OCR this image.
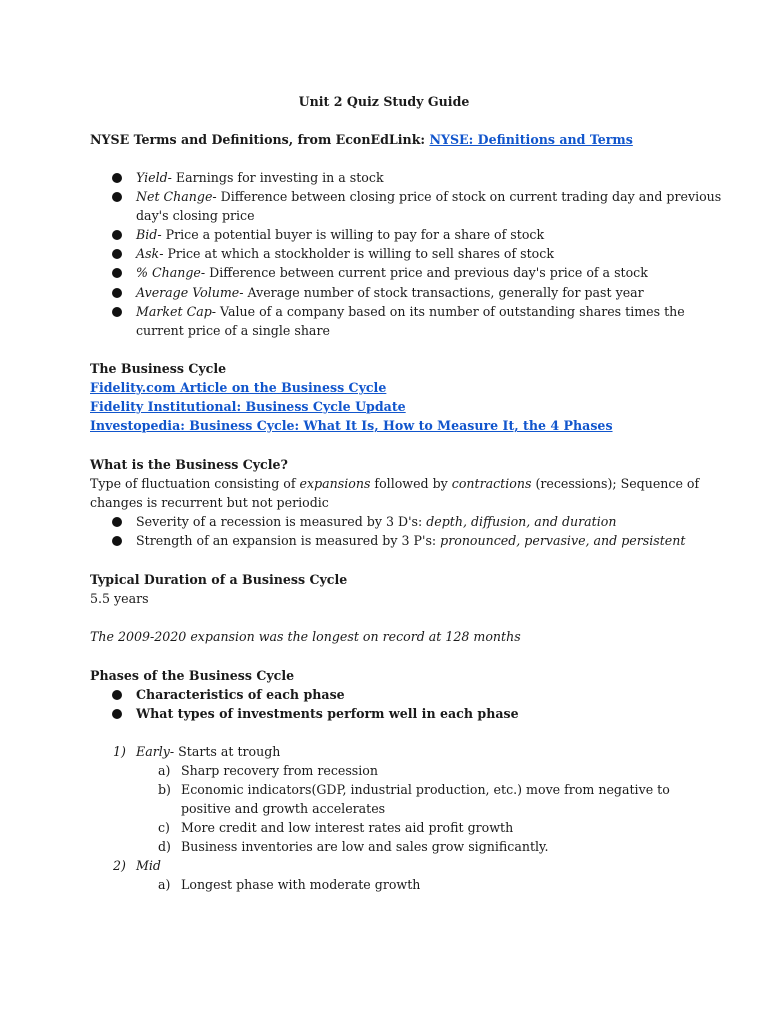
Unit 2 Quiz Study Guide
NYSE Terms and Definitions, from EconEdLink: NYSE: Definitions and Terms
Yield- Earnings for investing in a stock
Net Change- Difference between closing price of stock on current trading day and previous
day's closing price
Bid- Price a potential buyer is willing to pay for a share of stock
Ask- Price at which a stockholder is willing to sell shares of stock
% Change- Difference between current price and previous day's price of a stock
Average Volume- Average number of stock transactions, generally for past year
Market Cap- Value of a company based on its number of outstanding shares times the
current price of a single share
The Business Cycle
Fidelity.com Article on the Business Cycle
Fidelity Institutional: Business Cycle Update
Investopedia: Business Cycle: What It Is, How to Measure It, the 4 Phases
What is the Business Cycle?
Type of fluctuation consisting of expansions followed by contractions (recessions); Sequence of
changes is recurrent but not periodic
Severity of a recession is measured by 3 D's: depth, diffusion, and duration
Strength of an expansion is measured by 3 P's: pronounced, pervasive, and persistent
Typical Duration of a Business Cycle
5.5 years
The 2009-2020 expansion was the longest on record at 128 months
Phases of the Business Cycle
Characteristics of each phase
What types of investments perform well in each phase
1) Early- Starts at trough
a) Sharp recovery from recession
b) Economic indicators(GDP, industrial production, etc.) move from negative to
positive and growth accelerates
c) More credit and low interest rates aid profit growth
d) Business inventories are low and sales grow significantly.
2) Mid
a) Longest phase with moderate growth
